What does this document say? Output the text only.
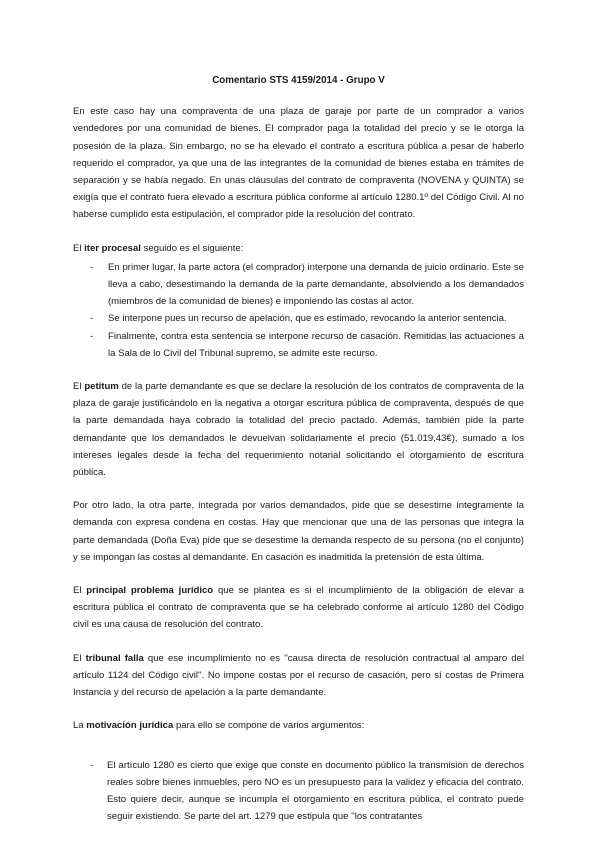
Comentario STS 4159/2014 - Grupo V

En este caso hay una compraventa de una plaza de garaje por parte de un comprador a varios vendedores por una comunidad de bienes. El comprador paga la totalidad del precio y se le otorga la posesión de la plaza. Sin embargo, no se ha elevado el contrato a escritura pública a pesar de haberlo requerido el comprador, ya que una de las integrantes de la comunidad de bienes estaba en trámites de separación y se había negado. En unas cláusulas del contrato de compraventa (NOVENA y QUINTA) se exigía que el contrato fuera elevado a escritura pública conforme al artículo 1280.1º del Código Civil. Al no haberse cumplido esta estipulación, el comprador pide la resolución del contrato.

El iter procesal seguido es el siguiente:

- En primer lugar, la parte actora (el comprador) interpone una demanda de juicio ordinario. Este se lleva a cabo, desestimando la demanda de la parte demandante, absolviendo a los demandados (miembros de la comunidad de bienes) e imponiendo las costas al actor.
- Se interpone pues un recurso de apelación, que es estimado, revocando la anterior sentencia.
- Finalmente, contra esta sentencia se interpone recurso de casación. Remitidas las actuaciones a la Sala de lo Civil del Tribunal supremo, se admite este recurso.

El petitum de la parte demandante es que se declare la resolución de los contratos de compraventa de la plaza de garaje justificándolo en la negativa a otorgar escritura pública de compraventa, después de que la parte demandada haya cobrado la totalidad del precio pactado. Además, también pide la parte demandante que los demandados le devuelvan solidariamente el precio (51.019,43€), sumado a los intereses legales desde la fecha del requerimiento notarial solicitando el otorgamiento de escritura pública.

Por otro lado, la otra parte, integrada por varios demandados, pide que se desestime íntegramente la demanda con expresa condena en costas. Hay que mencionar que una de las personas que integra la parte demandada (Doña Eva) pide que se desestime la demanda respecto de su persona (no el conjunto) y se impongan las costas al demandante. En casación es inadmitida la pretensión de esta última.

El principal problema jurídico que se plantea es si el incumplimiento de la obligación de elevar a escritura pública el contrato de compraventa que se ha celebrado conforme al artículo 1280 del Código civil es una causa de resolución del contrato.

El tribunal falla que ese incumplimiento no es ''causa directa de resolución contractual al amparo del artículo 1124 del Código civil''. No impone costas por el recurso de casación, pero sí costas de Primera Instancia y del recurso de apelación a la parte demandante.

La motivación jurídica para ello se compone de varios argumentos:

- El artículo 1280 es cierto que exige que conste en documento público la transmisión de derechos reales sobre bienes inmuebles, pero NO es un presupuesto para la validez y eficacia del contrato. Esto quiere decir, aunque se incumpla el otorgamiento en escritura pública, el contrato puede seguir existiendo. Se parte del art. 1279 que estipula que ''los contratantes
